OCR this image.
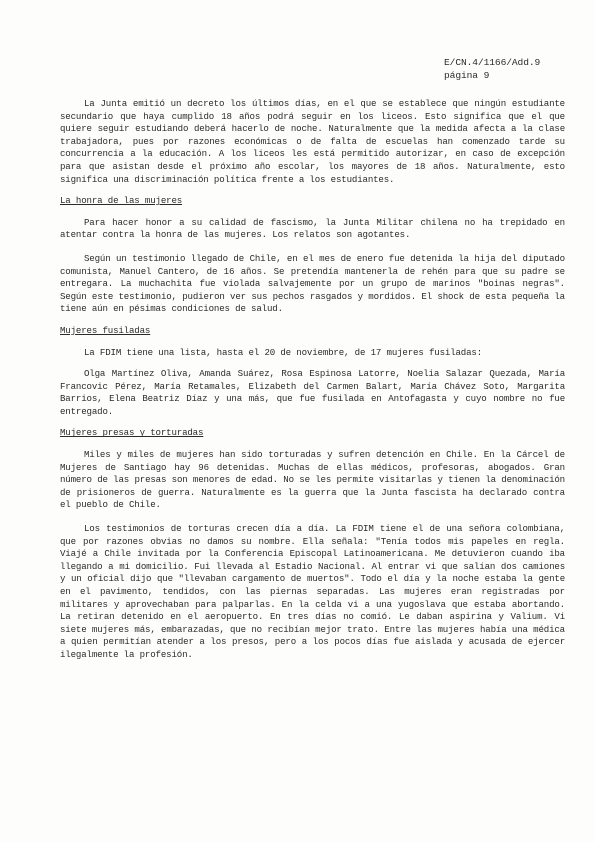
E/CN.4/1166/Add.9
página 9

La Junta emitió un decreto los últimos días, en el que se establece que ningún estudiante secundario que haya cumplido 18 años podrá seguir en los liceos. Esto significa que el que quiere seguir estudiando deberá hacerlo de noche. Naturalmente que la medida afecta a la clase trabajadora, pues por razones económicas o de falta de escuelas han comenzado tarde su concurrencia a la educación. A los liceos les está permitido autorizar, en caso de excepción para que asistan desde el próximo año escolar, los mayores de 18 años. Naturalmente, esto significa una discriminación política frente a los estudiantes.

La honra de las mujeres

Para hacer honor a su calidad de fascismo, la Junta Militar chilena no ha trepidado en atentar contra la honra de las mujeres. Los relatos son agotantes.

Según un testimonio llegado de Chile, en el mes de enero fue detenida la hija del diputado comunista, Manuel Cantero, de 16 años. Se pretendía mantenerla de rehén para que su padre se entregara. La muchachita fue violada salvajemente por un grupo de marinos "boinas negras". Según este testimonio, pudieron ver sus pechos rasgados y mordidos. El shock de esta pequeña la tiene aún en pésimas condiciones de salud.

Mujeres fusiladas

La FDIM tiene una lista, hasta el 20 de noviembre, de 17 mujeres fusiladas:

Olga Martínez Oliva, Amanda Suárez, Rosa Espinosa Latorre, Noelia Salazar Quezada, María Francovic Pérez, María Retamales, Elizabeth del Carmen Balart, María Chávez Soto, Margarita Barrios, Elena Beatriz Díaz y una más, que fue fusilada en Antofagasta y cuyo nombre no fue entregado.

Mujeres presas y torturadas

Miles y miles de mujeres han sido torturadas y sufren detención en Chile. En la Cárcel de Mujeres de Santiago hay 96 detenidas. Muchas de ellas médicos, profesoras, abogados. Gran número de las presas son menores de edad. No se les permite visitarlas y tienen la denominación de prisioneros de guerra. Naturalmente es la guerra que la Junta fascista ha declarado contra el pueblo de Chile.

Los testimonios de torturas crecen día a día. La FDIM tiene el de una señora colombiana, que por razones obvias no damos su nombre. Ella señala: "Tenía todos mis papeles en regla. Viajé a Chile invitada por la Conferencia Episcopal Latinoamericana. Me detuvieron cuando iba llegando a mi domicilio. Fui llevada al Estadio Nacional. Al entrar vi que salían dos camiones y un oficial dijo que "llevaban cargamento de muertos". Todo el día y la noche estaba la gente en el pavimento, tendidos, con las piernas separadas. Las mujeres eran registradas por militares y aprovechaban para palparlas. En la celda vi a una yugoslava que estaba abortando. La retiran detenido en el aeropuerto. En tres días no comió. Le daban aspirina y Valium. Vi siete mujeres más, embarazadas, que no recibían mejor trato. Entre las mujeres había una médica a quien permitían atender a los presos, pero a los pocos días fue aislada y acusada de ejercer ilegalmente la profesión.
